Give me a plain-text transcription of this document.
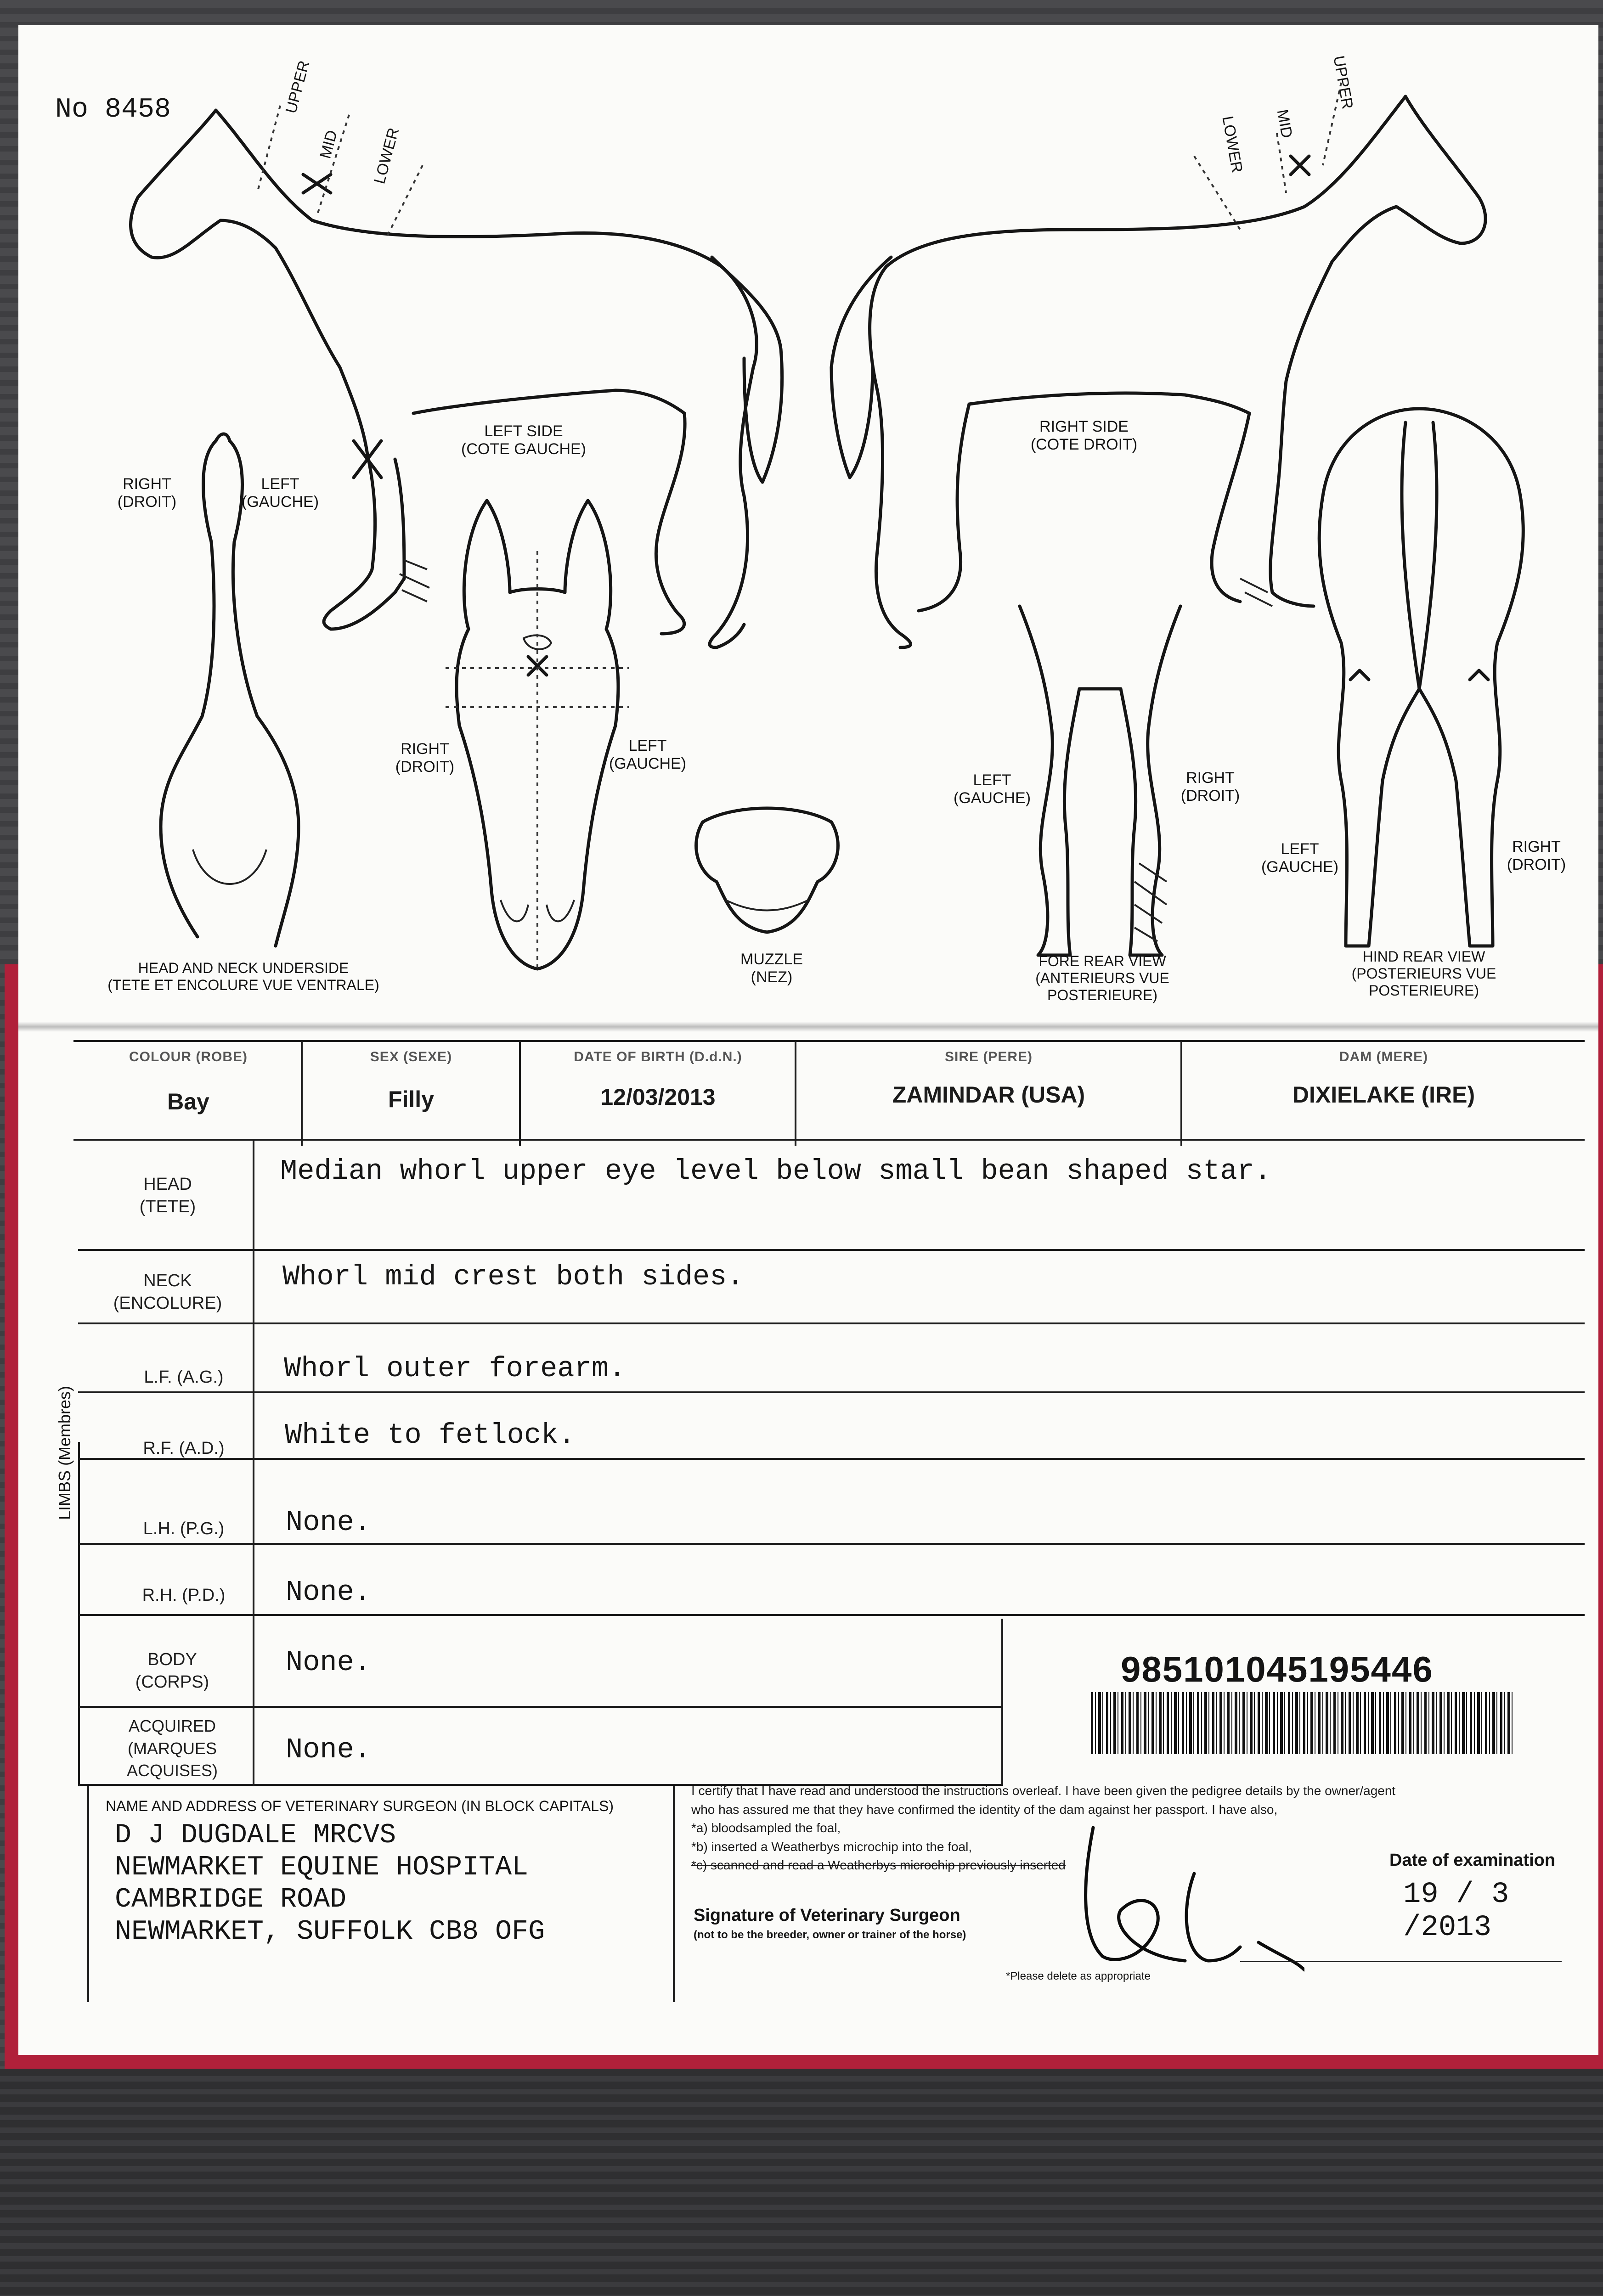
No 8458	UPPER
MID LOWER
UPPER
MID
LOWER
LEFT SIDE
(COTE GAUCHE)
RIGHT SIDE
(COTE DROIT)
RIGHT
(DROIT)
LEFT
(GAUCHE)
HEAD AND NECK UNDERSIDE
(TETE ET ENCOLURE VUE VENTRALE)
RIGHT
(DROIT)
LEFT
(GAUCHE)
MUZZLE
(NEZ)
LEFT
(GAUCHE)
RIGHT
(DROIT)
FORE REAR VIEW
(ANTERIEURS VUE
POSTERIEURE)
LEFT
(GAUCHE)
RIGHT
(DROIT)
HIND REAR VIEW
(POSTERIEURS VUE
POSTERIEURE)
COLOUR (ROBE)
Bay
SEX (SEXE)
Filly
DATE OF BIRTH (D.d.N.)
12/03/2013
SIRE (PERE)
ZAMINDAR (USA)
DAM (MERE)
DIXIELAKE (IRE)
LIMBS (Membres)
HEAD
(TETE)
Median whorl upper eye level below small bean shaped star.
NECK
(ENCOLURE)
Whorl mid crest both sides.
L.F. (A.G.)	Whorl outer forearm.
R.F. (A.D.)	White to fetlock.
L.H. (P.G.)	None.
R.H. (P.D.)	None.
BODY
(CORPS)
None.
ACQUIRED
(MARQUES
ACQUISES)
None.
985101045195446
NAME AND ADDRESS OF VETERINARY SURGEON (IN BLOCK CAPITALS)
D J DUGDALE MRCVS
NEWMARKET EQUINE HOSPITAL
CAMBRIDGE ROAD
NEWMARKET, SUFFOLK CB8 OFG
I certify that I have read and understood the instructions overleaf. I have been given the pedigree details by the owner/agent
who has assured me that they have confirmed the identity of the dam against her passport. I have also,
*a) bloodsampled the foal,
*b) inserted a Weatherbys microchip into the foal,
*c) scanned and read a Weatherbys microchip previously inserted
Signature of Veterinary Surgeon
(not to be the breeder, owner or trainer of the horse)
*Please delete as appropriate
Date of examination
19 / 3 /2013
